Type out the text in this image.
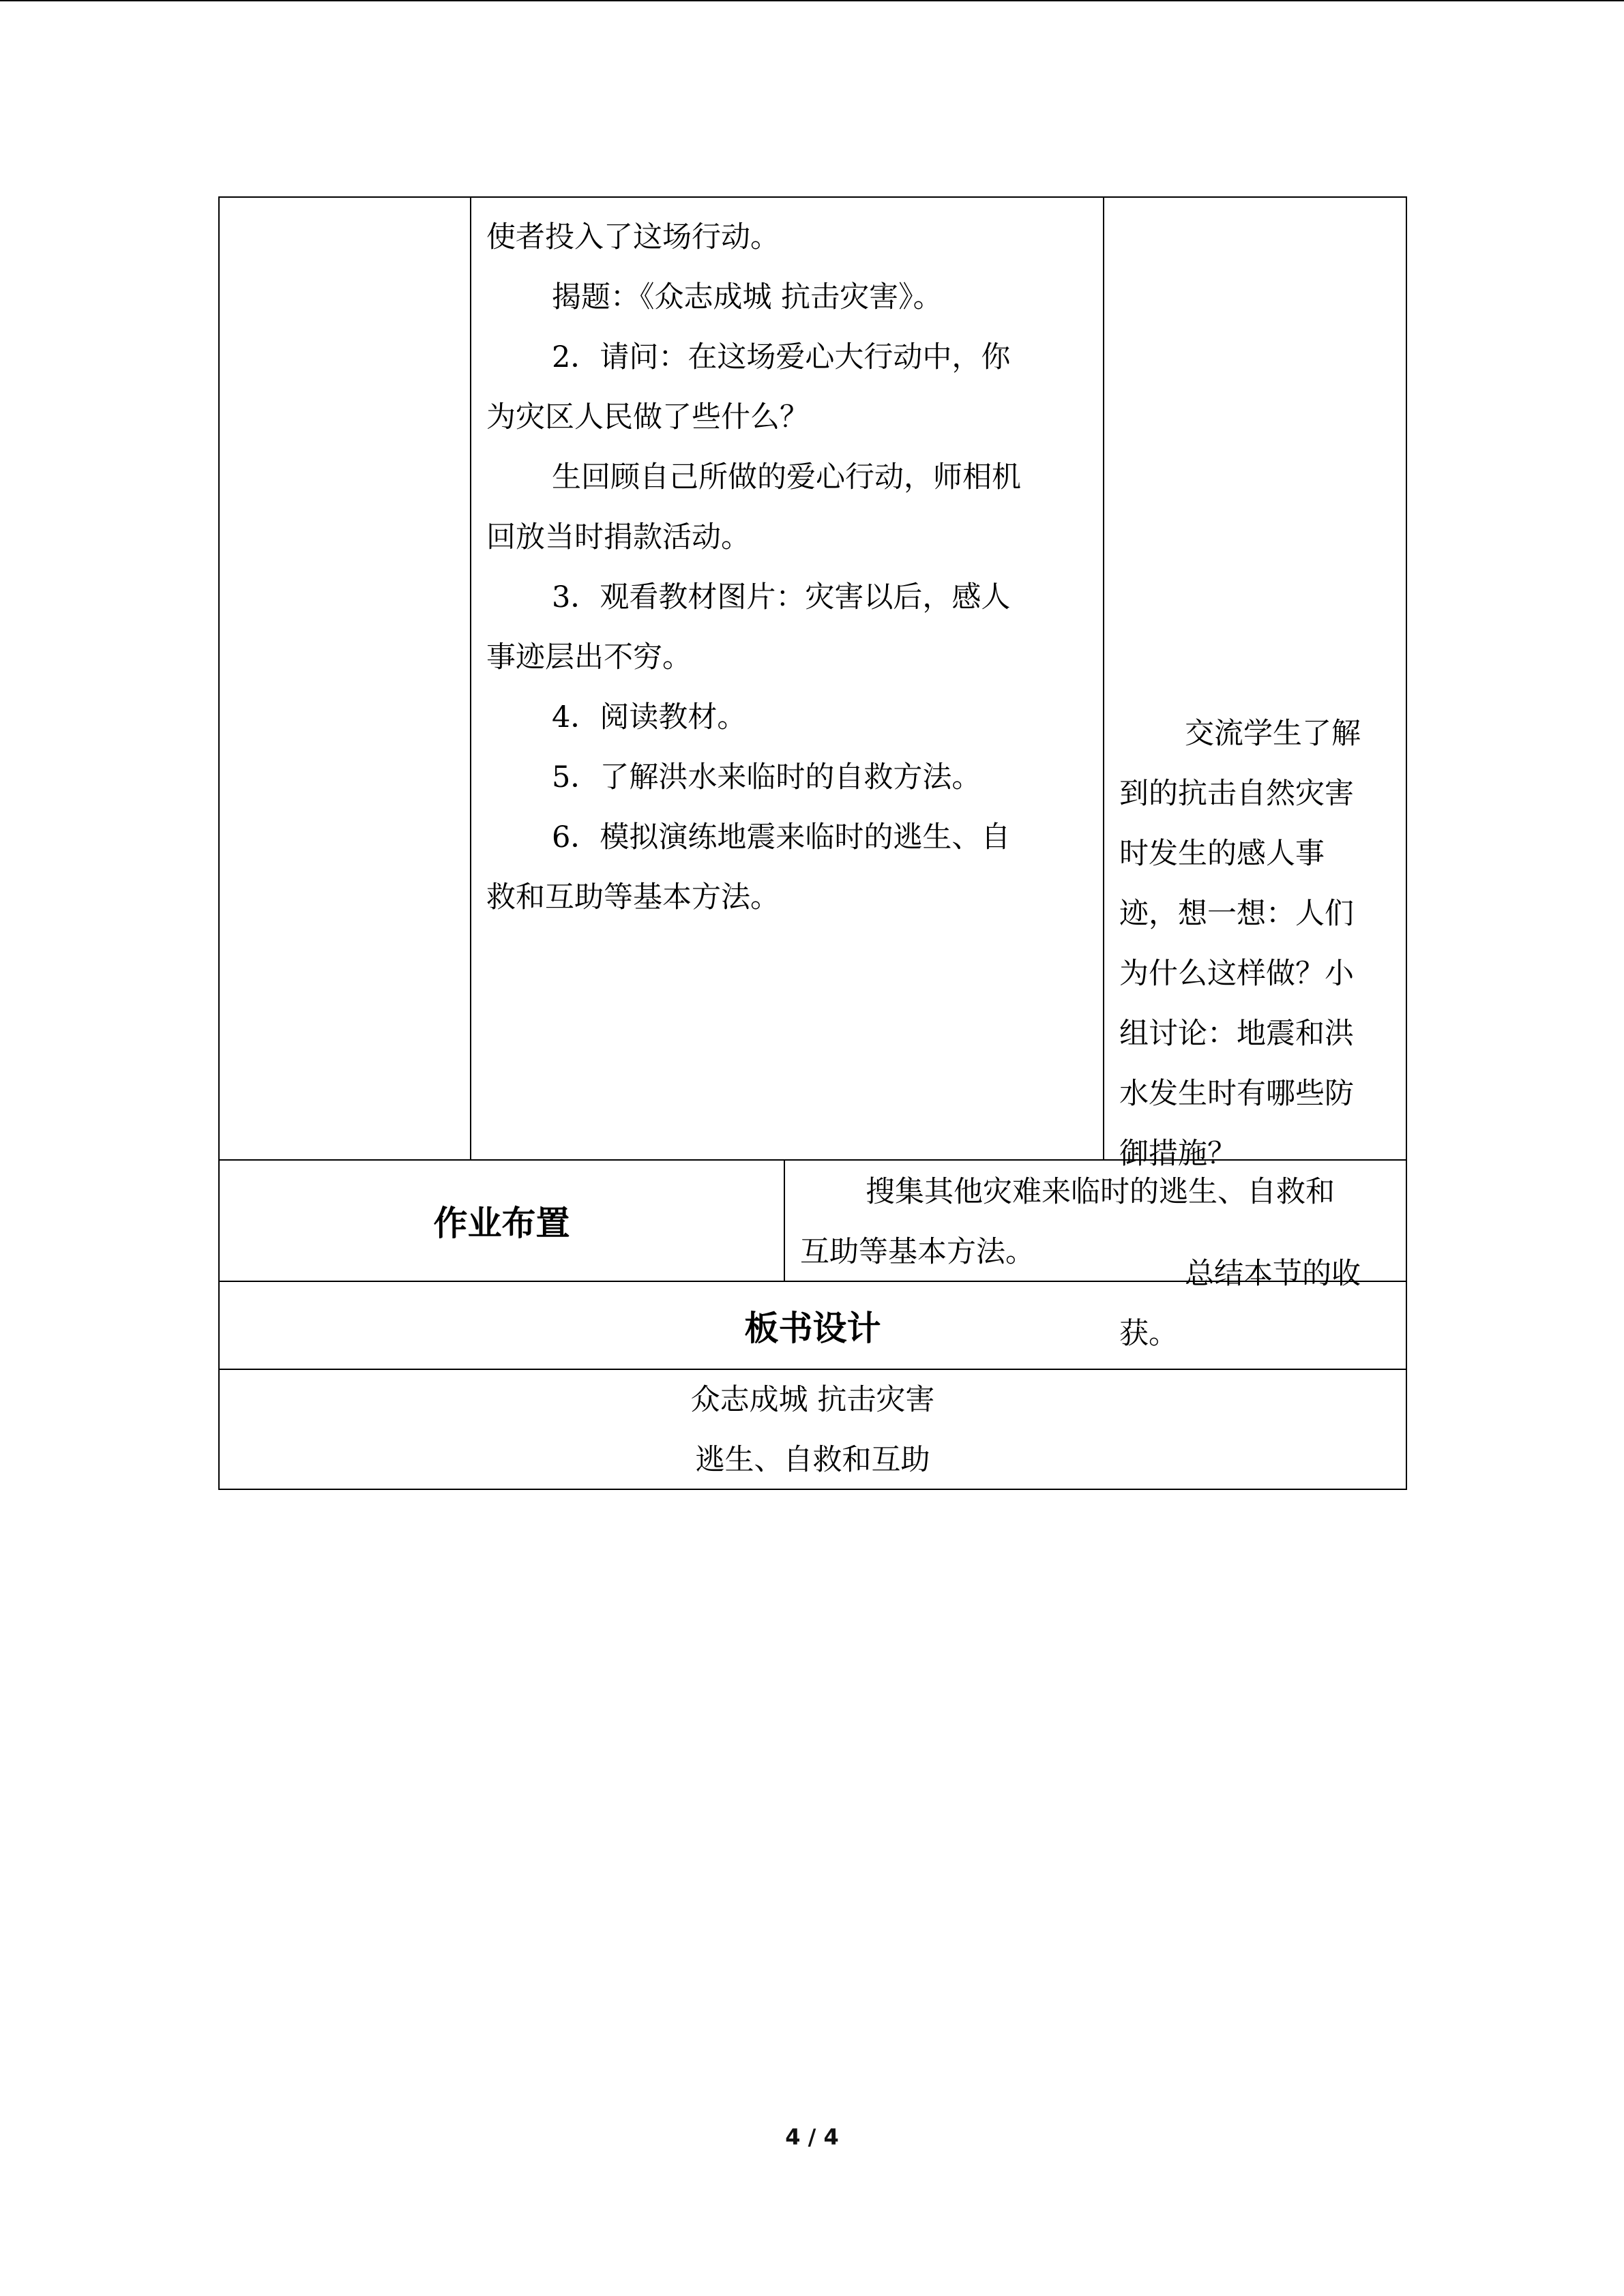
使者投入了这场行动。

揭题：《众志成城 抗击灾害》。

2．请问：在这场爱心大行动中，你

为灾区人民做了些什么？

生回顾自己所做的爱心行动，师相机

回放当时捐款活动。

3．观看教材图片：灾害以后，感人

事迹层出不穷。

4．阅读教材。

5．了解洪水来临时的自救方法。

6．模拟演练地震来临时的逃生、自

救和互助等基本方法。

交流学生了解

到的抗击自然灾害

时发生的感人事

迹，想一想：人们

为什么这样做？小

组讨论：地震和洪

水发生时有哪些防

御措施？

总结本节的收

获。

作业布置

搜集其他灾难来临时的逃生、自救和

互助等基本方法。

板书设计

众志成城 抗击灾害

逃生、自救和互助

4 / 4
